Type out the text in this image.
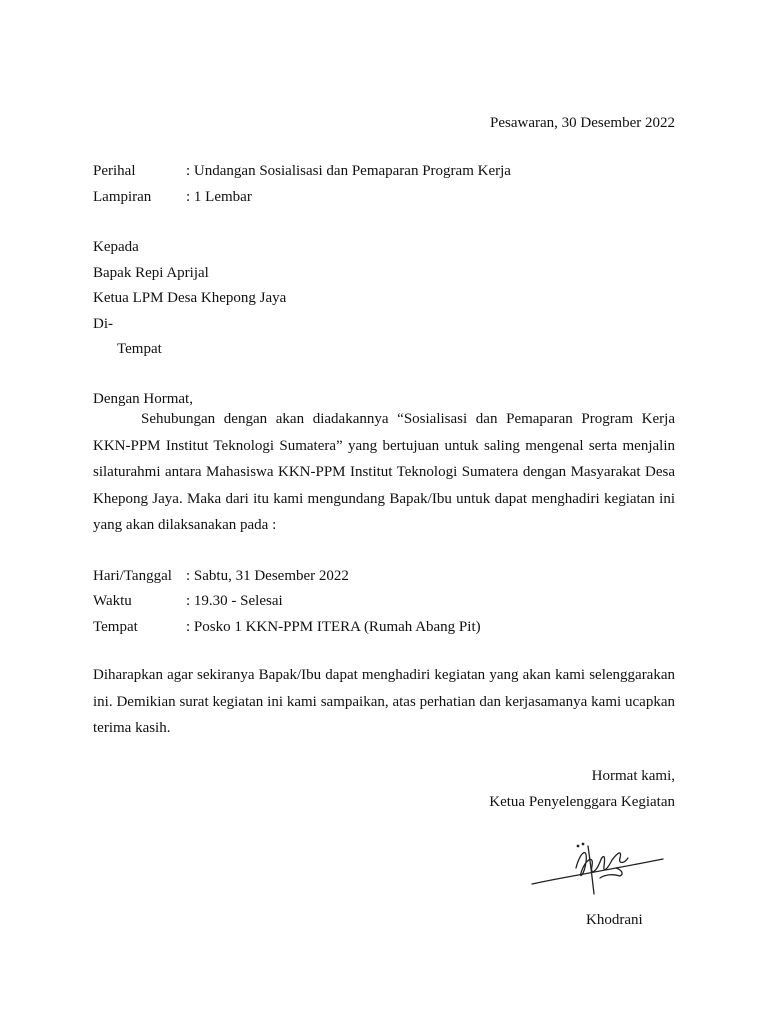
Pesawaran, 30 Desember 2022
Perihal	: Undangan Sosialisasi dan Pemaparan Program Kerja
Lampiran : 1 Lembar
Kepada
Bapak Repi Aprijal
Ketua LPM Desa Khepong Jaya
Di-
Tempat
Dengan Hormat,
Sehubungan dengan akan diadakannya “Sosialisasi dan Pemaparan Program Kerja KKN-PPM Institut Teknologi Sumatera” yang bertujuan untuk saling mengenal serta menjalin silaturahmi antara Mahasiswa KKN-PPM Institut Teknologi Sumatera dengan Masyarakat Desa Khepong Jaya. Maka dari itu kami mengundang Bapak/Ibu untuk dapat menghadiri kegiatan ini yang akan dilaksanakan pada :
Hari/Tanggal : Sabtu, 31 Desember 2022
Waktu	: 19.30 - Selesai
Tempat	: Posko 1 KKN-PPM ITERA (Rumah Abang Pit)
Diharapkan agar sekiranya Bapak/Ibu dapat menghadiri kegiatan yang akan kami selenggarakan ini. Demikian surat kegiatan ini kami sampaikan, atas perhatian dan kerjasamanya kami ucapkan terima kasih.
Hormat kami,
Ketua Penyelenggara Kegiatan
Khodrani
